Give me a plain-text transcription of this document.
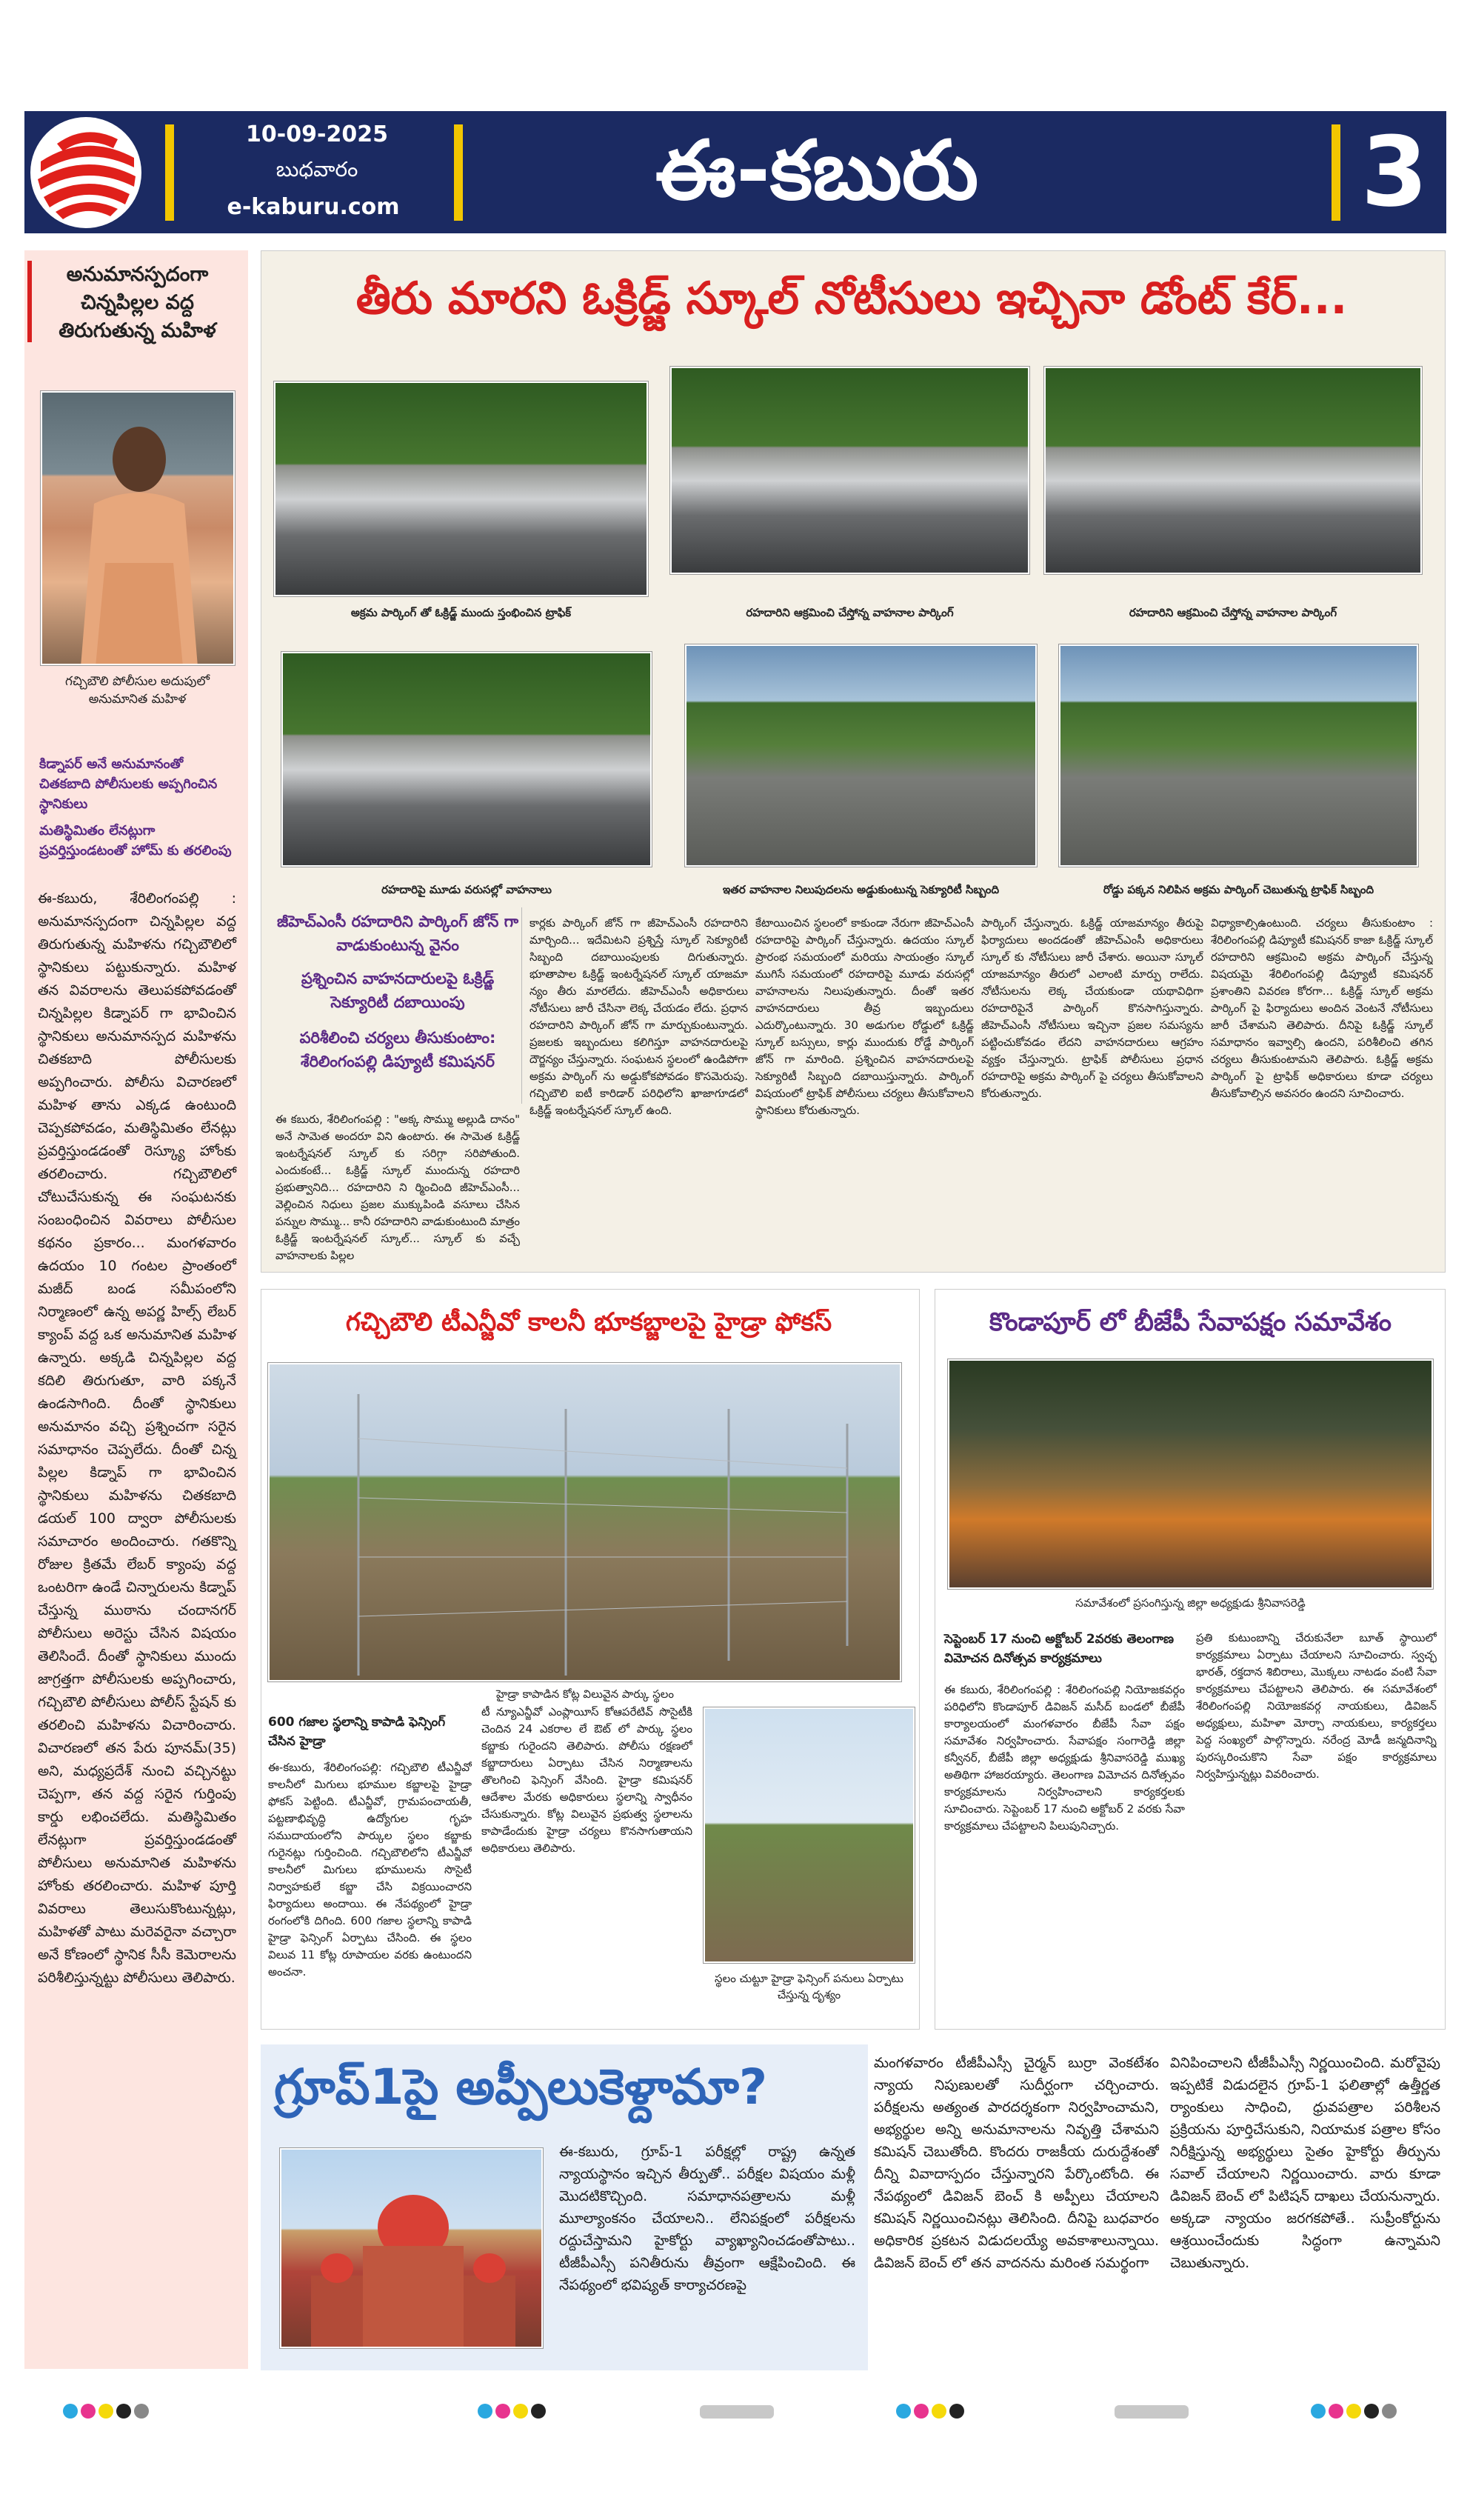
10-09-2025
బుధవారం
e-kaburu.com	ఈ-కబురు	3
అనుమానస్పదంగా చిన్నపిల్లల వద్ద తిరుగుతున్న మహిళ
గచ్చిబౌలి పోలీసుల అదుపులో అనుమానిత మహిళ
కిడ్నాపర్ అనే అనుమానంతో చితకబాది పోలీసులకు అప్పగించిన స్థానికులు
మతిస్థిమితం లేనట్లుగా ప్రవర్తిస్తుండటంతో హోమ్ కు తరలింపు
ఈ-కబురు, శేరిలింగంపల్లి : అనుమానస్పదంగా చిన్నపిల్లల వద్ద తిరుగుతున్న మహిళను గచ్చిబౌలిలో స్థానికులు పట్టుకున్నారు. మహిళ తన వివరాలను తెలుపకపోవడంతో చిన్నపిల్లల కిడ్నాపర్ గా భావించిన స్థానికులు అనుమానస్పద మహిళను చితకబాది పోలీసులకు అప్పగించారు. పోలీసు విచారణలో మహిళ తాను ఎక్కడ ఉంటుంది చెప్పకపోవడం, మతిస్థిమితం లేనట్లు ప్రవర్తిస్తుండడంతో రెస్క్యూ హోంకు తరలించారు. గచ్చిబౌలిలో చోటుచేసుకున్న ఈ సంఘటనకు సంబంధించిన వివరాలు పోలీసుల కథనం ప్రకారం... మంగళవారం ఉదయం 10 గంటల ప్రాంతంలో మజీద్ బండ సమీపంలోని నిర్మాణంలో ఉన్న అపర్ణ హిల్స్ లేబర్ క్యాంప్ వద్ద ఒక అనుమానిత మహిళ ఉన్నారు. అక్కడి చిన్నపిల్లల వద్ద కదిలి తిరుగుతూ, వారి పక్కనే ఉండసాగింది. దీంతో స్థానికులు అనుమానం వచ్చి ప్రశ్నించగా సరైన సమాధానం చెప్పలేదు. దీంతో చిన్న పిల్లల కిడ్నాప్ గా భావించిన స్థానికులు మహిళను చితకబాది డయల్ 100 ద్వారా పోలీసులకు సమాచారం అందించారు. గతకొన్ని రోజుల క్రితమే లేబర్ క్యాంపు వద్ద ఒంటరిగా ఉండే చిన్నారులను కిడ్నాప్ చేస్తున్న ముఠాను చందానగర్ పోలీసులు అరెస్టు చేసిన విషయం తెలిసిందే. దీంతో స్థానికులు ముందు జాగ్రత్తగా పోలీసులకు అప్పగించారు, గచ్చిబౌలి పోలీసులు పోలీస్ స్టేషన్ కు తరలించి మహిళను విచారించారు. విచారణలో తన పేరు పూనమ్(35) అని, మధ్యప్రదేశ్ నుంచి వచ్చినట్టు చెప్పగా, తన వద్ద సరైన గుర్తింపు కార్డు లభించలేదు. మతిస్థిమితం లేనట్లుగా ప్రవర్తిస్తుండడంతో పోలీసులు అనుమానిత మహిళను హోంకు తరలించారు. మహిళ పూర్తి వివరాలు తెలుసుకొంటున్నట్లు, మహిళతో పాటు మరెవరైనా వచ్చారా అనే కోణంలో స్థానిక సీసీ కెమెరాలను పరిశీలిస్తున్నట్టు పోలీసులు తెలిపారు.
తీరు మారని ఓక్రిడ్జ్ స్కూల్ నోటీసులు ఇచ్చినా డోంట్ కేర్...
అక్రమ పార్కింగ్ తో ఓక్రిడ్జ్ ముందు స్తంభించిన ట్రాఫిక్	రహదారిని ఆక్రమించి చేస్తోన్న వాహనాల పార్కింగ్	రహదారిని ఆక్రమించి చేస్తోన్న వాహనాల పార్కింగ్
రహదారిపై మూడు వరుసల్లో వాహనాలు	ఇతర వాహనాల నిలుపుదలను అడ్డుకుంటున్న సెక్యూరిటీ సిబ్బంది	రోడ్డు పక్కన నిలిపిన అక్రమ పార్కింగ్ చెబుతున్న ట్రాఫిక్ సిబ్బంది
జీహెచ్ఎంసీ రహదారిని పార్కింగ్ జోన్ గా వాడుకుంటున్న వైనం
ప్రశ్నించిన వాహనదారులపై ఓక్రిడ్జ్ సెక్యూరిటీ దబాయింపు
పరిశీలించి చర్యలు తీసుకుంటాం: శేరిలింగంపల్లి డిప్యూటీ కమిషనర్
ఈ కబురు, శేరిలింగంపల్లి : "అక్క సొమ్ము అల్లుడి దానం" అనే సామెత అందరూ విని ఉంటారు. ఈ సామెత ఓక్రిడ్జ్ ఇంటర్నేషనల్ స్కూల్ కు సరిగ్గా సరిపోతుంది. ఎందుకంటే... ఓక్రిడ్జ్ స్కూల్ ముందున్న రహదారి ప్రభుత్వానిది... రహదారిని ని ర్మించింది జీహెచ్ఎంసీ... వెల్లించిన నిధులు ప్రజల ముక్కుపిండి వసూలు చేసిన పన్నుల సొమ్ము... కానీ రహదారిని వాడుకుంటుంది మాత్రం ఓక్రిడ్జ్ ఇంటర్నేషనల్ స్కూల్... స్కూల్ కు వచ్చే వాహనాలకు పిల్లల
కార్లకు పార్కింగ్ జోన్ గా జీహెచ్ఎంసీ రహదారిని మార్చింది... ఇదేమిటని ప్రశ్నిస్తే స్కూల్ సెక్యూరిటీ సిబ్బంది దబాయింపులకు దిగుతున్నారు. భూతాపాల ఓక్రిడ్జ్ ఇంటర్నేషనల్ స్కూల్ యాజమా న్యం తీరు మారలేదు. జీహెచ్ఎంసీ అధికారులు నోటీసులు జారీ చేసినా లెక్క చేయడం లేదు. ప్రధాన రహదారిని పార్కింగ్ జోన్ గా మార్చుకుంటున్నారు. ప్రజలకు ఇబ్బందులు కలిగిస్తూ వాహనదారులపై దౌర్జన్యం చేస్తున్నారు. సంఘటన స్థలంలో ఉండిపోగా అక్రమ పార్కింగ్ ను అడ్డుకోకపోవడం కొసమెరుపు. గచ్చిబౌలి ఐటీ కారిడార్ పరిధిలోని ఖాజాగూడలో ఓక్రిడ్జ్ ఇంటర్నేషనల్ స్కూల్ ఉంది.
కేటాయించిన స్థలంలో కాకుండా నేరుగా జీహెచ్ఎంసీ రహదారిపై పార్కింగ్ చేస్తున్నారు. ఉదయం స్కూల్ ప్రారంభ సమయంలో మరియు సాయంత్రం స్కూల్ ముగిసే సమయంలో రహదారిపై మూడు వరుసల్లో వాహనాలను నిలుపుతున్నారు. దీంతో ఇతర వాహనదారులు తీవ్ర ఇబ్బందులు ఎదుర్కొంటున్నారు. 30 అడుగుల రోడ్డులో ఓక్రిడ్జ్ స్కూల్ బస్సులు, కార్లు ముందుకు రోడ్డే పార్కింగ్ జోన్ గా మారింది. ప్రశ్నించిన వాహనదారులపై సెక్యూరిటీ సిబ్బంది దబాయిస్తున్నారు. పార్కింగ్ విషయంలో ట్రాఫిక్ పోలీసులు చర్యలు తీసుకోవాలని స్థానికులు కోరుతున్నారు.
పార్కింగ్ చేస్తున్నారు. ఓక్రిడ్జ్ యాజమాన్యం తీరుపై ఫిర్యాదులు అందడంతో జీహెచ్ఎంసీ అధికారులు స్కూల్ కు నోటీసులు జారీ చేశారు. అయినా స్కూల్ యాజమాన్యం తీరులో ఎలాంటి మార్పు రాలేదు. నోటీసులను లెక్క చేయకుండా యథావిధిగా రహదారిపైనే పార్కింగ్ కొనసాగిస్తున్నారు. జీహెచ్ఎంసీ నోటీసులు ఇచ్చినా ప్రజల సమస్యను పట్టించుకోవడం లేదని వాహనదారులు ఆగ్రహం వ్యక్తం చేస్తున్నారు. ట్రాఫిక్ పోలీసులు ప్రధాన రహదారిపై అక్రమ పార్కింగ్ పై చర్యలు తీసుకోవాలని కోరుతున్నారు.
విధ్యాకాల్సిఉంటుంది. చర్యలు తీసుకుంటాం : శేరిలింగంపల్లి డిప్యూటీ కమిషనర్ కాజా ఓక్రిడ్జ్ స్కూల్ రహదారిని ఆక్రమించి అక్రమ పార్కింగ్ చేస్తున్న విషయమై శేరిలింగంపల్లి డిప్యూటీ కమిషనర్ ప్రశాంతిని వివరణ కోరగా... ఓక్రిడ్జ్ స్కూల్ అక్రమ పార్కింగ్ పై ఫిర్యాదులు అందిన వెంటనే నోటీసులు జారీ చేశామని తెలిపారు. దీనిపై ఓక్రిడ్జ్ స్కూల్ సమాధానం ఇవ్వాల్సి ఉందని, పరిశీలించి తగిన చర్యలు తీసుకుంటామని తెలిపారు. ఓక్రిడ్జ్ అక్రమ పార్కింగ్ పై ట్రాఫిక్ అధికారులు కూడా చర్యలు తీసుకోవాల్సిన అవసరం ఉందని సూచించారు.
గచ్చిబౌలి టీఎన్జీవో కాలనీ భూకబ్జాలపై హైడ్రా ఫోకస్
హైడ్రా కాపాడిన కోట్ల విలువైన పార్కు స్థలం
600 గజాల స్థలాన్ని కాపాడి ఫెన్సింగ్ చేసిన హైడ్రా
ఈ-కబురు, శేరిలింగంపల్లి: గచ్చిబౌలి టీఎన్జీవో కాలనీలో మిగులు భూముల కబ్జాలపై హైడ్రా ఫోకస్ పెట్టింది. టీఎన్జీవో, గ్రామపంచాయతీ, పట్టణాభివృద్ధి ఉద్యోగుల గృహ సముదాయంలోని పార్కుల స్థలం కబ్జాకు గురైనట్లు గుర్తించింది. గచ్చిబౌలిలోని టీఎన్జీవో కాలనీలో మిగులు భూములను సొసైటీ నిర్వాహకులే కబ్జా చేసి విక్రయించారని ఫిర్యాదులు అందాయి. ఈ నేపథ్యంలో హైడ్రా రంగంలోకి దిగింది. 600 గజాల స్థలాన్ని కాపాడి హైడ్రా ఫెన్సింగ్ ఏర్పాటు చేసింది. ఈ స్థలం విలువ 11 కోట్ల రూపాయల వరకు ఉంటుందని అంచనా.
టీ న్యూఎన్జీవో ఎంప్లాయీస్ కోఆపరేటివ్ సొసైటీకి చెందిన 24 ఎకరాల లే ఔట్ లో పార్కు స్థలం కబ్జాకు గురైందని తెలిపారు. పోలీసు రక్షణలో కబ్జాదారులు ఏర్పాటు చేసిన నిర్మాణాలను తొలగించి ఫెన్సింగ్ వేసింది. హైడ్రా కమిషనర్ ఆదేశాల మేరకు అధికారులు స్థలాన్ని స్వాధీనం చేసుకున్నారు. కోట్ల విలువైన ప్రభుత్వ స్థలాలను కాపాడేందుకు హైడ్రా చర్యలు కొనసాగుతాయని అధికారులు తెలిపారు.
స్థలం చుట్టూ హైడ్రా ఫెన్సింగ్ పనులు ఏర్పాటు చేస్తున్న దృశ్యం
కొండాపూర్ లో బీజేపీ సేవాపక్షం సమావేశం
సమావేశంలో ప్రసంగిస్తున్న జిల్లా అధ్యక్షుడు శ్రీనివాసరెడ్డి
సెప్టెంబర్ 17 నుంచి అక్టోబర్ 2వరకు తెలంగాణ విమోచన దినోత్సవ కార్యక్రమాలు
ఈ కబురు, శేరిలింగంపల్లి : శేరిలింగంపల్లి నియోజకవర్గం పరిధిలోని కొండాపూర్ డివిజన్ మసీద్ బండలో బీజేపీ కార్యాలయంలో మంగళవారం బీజేపీ సేవా పక్షం సమావేశం నిర్వహించారు. సేవాపక్షం సంగారెడ్డి జిల్లా కన్వీనర్, బీజేపీ జిల్లా అధ్యక్షుడు శ్రీనివాసరెడ్డి ముఖ్య అతిథిగా హాజరయ్యారు. తెలంగాణ విమోచన దినోత్సవం కార్యక్రమాలను నిర్వహించాలని కార్యకర్తలకు సూచించారు. సెప్టెంబర్ 17 నుంచి అక్టోబర్ 2 వరకు సేవా కార్యక్రమాలు చేపట్టాలని పిలుపునిచ్చారు.
ప్రతి కుటుంబాన్ని చేరుకునేలా బూత్ స్థాయిలో కార్యక్రమాలు ఏర్పాటు చేయాలని సూచించారు. స్వచ్ఛ భారత్, రక్తదాన శిబిరాలు, మొక్కలు నాటడం వంటి సేవా కార్యక్రమాలు చేపట్టాలని తెలిపారు. ఈ సమావేశంలో శేరిలింగంపల్లి నియోజకవర్గ నాయకులు, డివిజన్ అధ్యక్షులు, మహిళా మోర్చా నాయకులు, కార్యకర్తలు పెద్ద సంఖ్యలో పాల్గొన్నారు. నరేంద్ర మోడీ జన్మదినాన్ని పురస్కరించుకొని సేవా పక్షం కార్యక్రమాలు నిర్వహిస్తున్నట్లు వివరించారు.
గ్రూప్1పై అప్పీలుకెళ్దామా?
ఈ-కబురు, గ్రూప్-1 పరీక్షల్లో రాష్ట్ర ఉన్నత న్యాయస్థానం ఇచ్చిన తీర్పుతో.. పరీక్షల విషయం మళ్లీ మొదటికొచ్చింది. సమాధానపత్రాలను మళ్లీ మూల్యాంకనం చేయాలని.. లేనిపక్షంలో పరీక్షలను రద్దుచేస్తామని హైకోర్టు వ్యాఖ్యానించడంతోపాటు.. టీజీపీఎస్సీ పనితీరును తీవ్రంగా ఆక్షేపించింది. ఈ నేపథ్యంలో భవిష్యత్ కార్యాచరణపై
మంగళవారం టీజీపీఎస్సీ చైర్మన్ బుర్రా వెంకటేశం న్యాయ నిపుణులతో సుదీర్ఘంగా చర్చించారు. పరీక్షలను అత్యంత పారదర్శకంగా నిర్వహించామని, అభ్యర్థుల అన్ని అనుమానాలను నివృత్తి చేశామని కమిషన్ చెబుతోంది. కొందరు రాజకీయ దురుద్దేశంతో దీన్ని వివాదాస్పదం చేస్తున్నారని పేర్కొంటోంది. ఈ నేపథ్యంలో డివిజన్ బెంచ్ కి అప్పీలు చేయాలని కమిషన్ నిర్ణయించినట్లు తెలిసింది. దీనిపై బుధవారం అధికారిక ప్రకటన విడుదలయ్యే అవకాశాలున్నాయి. డివిజన్ బెంచ్ లో తన వాదనను మరింత సమర్థంగా
వినిపించాలని టీజీపీఎస్సీ నిర్ణయించింది. మరోవైపు ఇప్పటికే విడుదలైన గ్రూప్-1 ఫలితాల్లో ఉత్తీర్ణత ర్యాంకులు సాధించి, ధ్రువపత్రాల పరిశీలన ప్రక్రియను పూర్తిచేసుకుని, నియామక పత్రాల కోసం నిరీక్షిస్తున్న అభ్యర్థులు సైతం హైకోర్టు తీర్పును సవాల్ చేయాలని నిర్ణయించారు. వారు కూడా డివిజన్ బెంచ్ లో పిటిషన్ దాఖలు చేయనున్నారు. అక్కడా న్యాయం జరగకపోతే.. సుప్రీంకోర్టును ఆశ్రయించేందుకు సిద్ధంగా ఉన్నామని చెబుతున్నారు.
